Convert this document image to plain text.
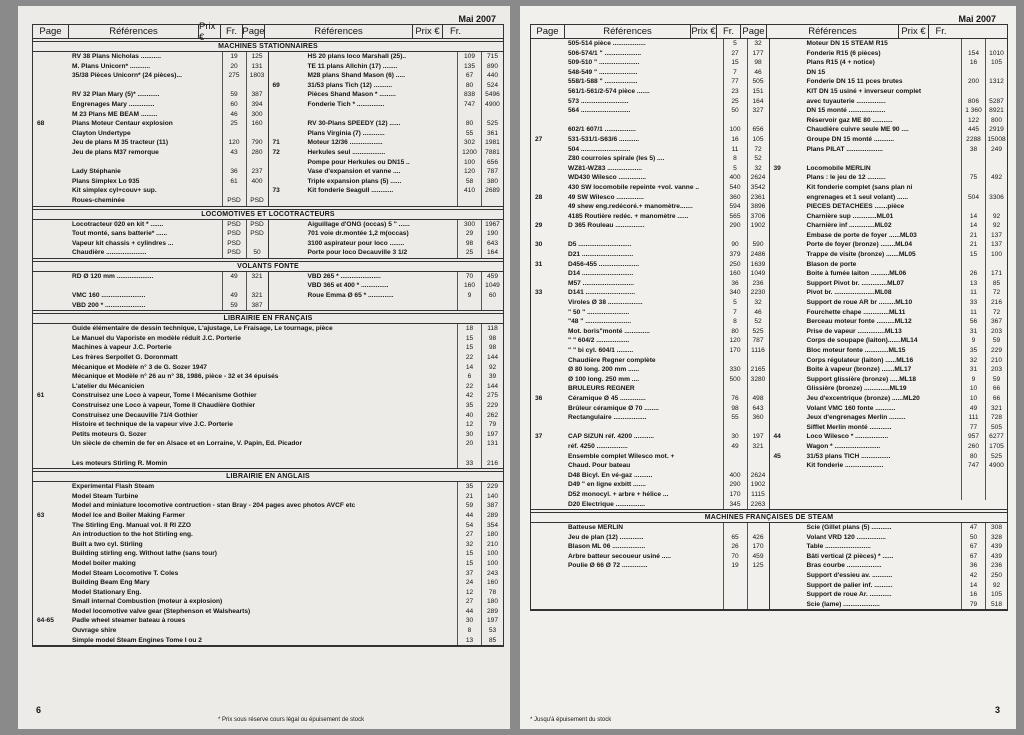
Mai 2007
Page	Références	Prix €	Fr. Page	Références	Prix €	Fr.
MACHINES STATIONNAIRES
RV 38 Plans Nicholas ...........	19	125
M. Plans Unicorn* ...........	20	131
35/38 Pièces Unicorn* (24 pièces)...	275	1803
RV 32 Plan Mary (5)* ............	59	387
Engrenages Mary ..............	60	394
M 23 Plans ME BEAM .........	46	300
68	Plans Moteur Centaur explosion	25	160
Clayton Undertype
Jeu de plans M 35 tracteur (11)	120	790
Jeu de plans M37 remorque	43	280
Lady Stéphanie	36	237
Plans Simplex Lo 935	61	400
Kit simplex cyl+couv+ sup.
Roues-cheminée	PSD	PSD
HS 20 plans loco Marshall (25)..	109	715
TE 11 plans Allchin (17) ........	135	890
M28 plans Shand Mason (6) .....	67	440
69	31/53 plans Tich (12) ..........	80	524
Pièces Shand Mason * .........	838	5496
Fonderie Tich * ...............	747	4900
RV 30-Plans SPEEDY (12) ......	80	525
Plans Virginia (7) ............	55	361
71	Moteur 12/36 ..................	302	1981
72	Herkules seul ..................	1200	7881
Pompe pour Herkules ou DN15 ..	100	656
Vase d'expansion et vanne ....	120	787
Triple expansion plans (5) ......	58	380
73	Kit fonderie Seagull ............	410	2689
LOCOMOTIVES ET LOCOTRACTEURS
Locotracteur 020 en kit * .......	PSD	PSD
Tout monté, sans batterie* ......	PSD	PSD
Vapeur kit chassis + cylindres ...	PSD
Chaudière ......................	PSD	50
Aiguillage d'ONG (occas) 5 " ......	300	1967
701 voie dr.montée 1,2 m(occas)	29	190
3100 aspirateur pour loco ........	98	643
Porte pour loco Decauville 3 1/2	25	164
VOLANTS FONTE
RD Ø 120 mm ....................	49	321
VMC 160 ........................	49	321
VBD 200 * ......................	59	387
VBD 265 * ......................	70	459
VBD 365 et 400 * ...............	160	1049
Roue Emma Ø 65 * ..............	9	60
LIBRAIRIE EN FRANÇAIS
Guide élémentaire de dessin technique, L'ajustage, Le Fraisage, Le tournage, pièce	18	118
Le Manuel du Vaporiste en modèle réduit J.C. Porterie	15	98
Machines à vapeur J.C. Porterie	15	98
Les frères Serpollet G. Doronmatt	22	144
Mécanique et Modèle n° 3 de G. Sozer 1947	14	92
Mécanique et Modèle n° 26 au n° 38, 1986, pièce - 32 et 34 épuisés	6	39
L'atelier du Mécanicien	22	144
61	Construisez une Loco à vapeur, Tome I Mécanisme Gothier	42	275
Construisez une Loco à vapeur, Tome II Chaudière Gothier	35	229
Construisez une Decauville 71/4 Gothier	40	262
Histoire et technique de la vapeur vive J.C. Porterie	12	79
Petits moteurs G. Sozer	30	197
Un siècle de chemin de fer en Alsace et en Lorraine, V. Papin, Ed. Picador	20	131
Les moteurs Stirling R. Momin	33	216
LIBRAIRIE EN ANGLAIS
Experimental Flash Steam	35	229
Model Steam Turbine	21	140
Model and miniature locomotive contruction - stan Bray - 204 pages avec photos AVCF etc	59	387
63	Model Ice and Boiler Making Farmer	44	289
The Stirling Eng. Manual vol. II RI ZZO	54	354
An introduction to the hot Stirling eng.	27	180
Built a two cyl. Stirling	32	210
Building stirling eng. Without lathe (sans tour)	15	100
Model boiler making	15	100
Model Steam Locomotive T. Coles	37	243
Building Beam Eng Mary	24	160
Model Stationary Eng.	12	78
Small internal Combustion (moteur à explosion)	27	180
Model locomotive valve gear (Stephenson et Walshearts)	44	289
64-65	Padle wheel steamer bateau à roues	30	197
Ouvrage shire	8	53
Simple model Steam Engines Tome I ou 2	13	85
* Prix sous réserve cours légal ou épuisement de stock
6
Mai 2007
Page	Références	Prix € Fr. Page	Références	Prix €	Fr.
505-514 pièce ..................	5	32
506-574/1 " ....................	27	177
509-510 " ......................	15	98
548-549 " .....................	7	46
558/1-588 " ..................	77	505
561/1-561/2-574 pièce .......	23	151
573 ..........................	25	164
564 ...........................	50	327
602/1 607/1 .................	100	656
27	531-531/1-S63/6 ...........	16	105
504 ...........................	11	72
Z80 courroies spirale (les 5) ....	8	52
WZ81-WZ83 ...................	5	32
WD430 Wilesco ...............	400	2624
430 SW locomobile repeinte +vol. vanne ..	540	3542
28	49 SW Wilesco ...............	360	2361
49 shew eng.redécoré.+ manomètre.......	594	3896
4185 Routière redéc. + manomètre ......	565	3706
29	D 365 Rouleau ................	290	1902
30	D5 .............................	90	590
D21 ............................	379	2486
31	D456-455 ......................	250	1639
D14 ............................	160	1049
M57 ............................	36	236
33	D141 ...........................	340	2230
Viroles Ø 38 ...................	5	32
" 50 " .......................	7	46
"48 " .........................	8	52
Mot. boris"monté ..............	80	525
" " 604/2 ..................	120	787
" " bi cyl. 604/1 .........	170	1116
Chaudière Regner complète
Ø 80 long. 200 mm ......	330	2165
Ø 100 long. 250 mm ....	500	3280
BRULEURS REGNER
36	Céramique Ø 45 ..............	76	498
Brûleur céramique Ø 70 ........	98	643
Rectangulaire ..................	55	360
37	CAP SIZUN réf. 4200 ...........	30	197
réf. 4250 .................	49	321
Ensemble complet Wilesco mot. +
Chaud. Pour bateau
D48 Bicyl. En vé-gaz ..........	400	2624
D49 " en ligne exbitt .......	290	1902
D52 monocyl. + arbre + hélice ...	170	1115
D20 Electrique ................	345	2263
Moteur DN 15 STEAM R15
Fonderie R15 (6 pièces)	154	1010
Plans R15 (4 + notice)	16	105
DN 15
Fonderie DN 15 11 pces brutes	200	1312
KIT DN 15 usiné + inverseur complet
avec tuyauterie ................	806	5287
DN 15 monté ....................	1 360	8921
Réservoir gaz ME 80 ...........	122	800
Chaudière cuivre seule ME 90 ....	445	2919
Groupe DN 15 monté ...........	2288 15008
Plans PILAT ....................	38	249
39	Locomobile MERLIN
Plans : le jeu de 12 ..........	75	492
Kit fonderie complet (sans plan ni
engrenages et 1 seul volant) ......	504	3306
PIECES DETACHEES .......pièce
Charnière sup .............ML01	14	92
Charnière inf ..............ML02	14	92
Embase de porte de foyer ......ML03	21	137
Porte de foyer (bronze) ........ML04	21	137
Trappe de visite (bronze) .......ML05	15	100
Blason de porte
Boite à fumée laiton ..........ML06	26	171
Support Pivot br. ..............ML07	13	85
Pivot br. ......................ML08	11	72
Support de roue AR br .........ML10	33	216
Fourchette chape ..............ML11	11	72
Berceau moteur fonte ..........ML12	56	367
Prise de vapeur ...............ML13	31	203
Corps de soupape (laiton).......ML14	9	59
Bloc moteur fonte .............ML15	35	229
Corps régulateur (laiton) ......ML16	32	210
Boite à vapeur (bronze) .......ML17	31	203
Support glissière (bronze) .....ML18	9	59
Glissière (bronze) ..............ML19	10	66
Jeu d'excentrique (bronze) ......ML20	10	66
Volant VMC 160 fonte ...........	49	321
Jeux d'engrenages Merlin .........	111	728
Sifflet Merlin monté ............	77	505
44	Loco Wilesco * ..................	957	6277
Wagon * .........................	260	1705
45	31/53 plans TICH ................	80	525
Kit fonderie .....................	747	4900
MACHINES FRANÇAISES DE STEAM
Batteuse MERLIN
Jeu de plan (12) .............	65	426
Blason ML 06 ..................	26	170
Arbre batteur secoueur usiné .....	70	459
Poulie Ø 66 Ø 72 ..............	19	125
Scie (Gillet plans (5) ...........	47	308
Volant VRD 120 ................	50	328
Table .........................	67	439
Bâti vertical (2 pièces) * ......	67	439
Bras courbe ...................	36	236
Support d'essieu av. ...........	42	250
Support de palier inf. ..........	14	92
Support de roue Ar. ............	16	105
Scie (lame) ....................	79	518
* Jusqu'à épuisement du stock
3
